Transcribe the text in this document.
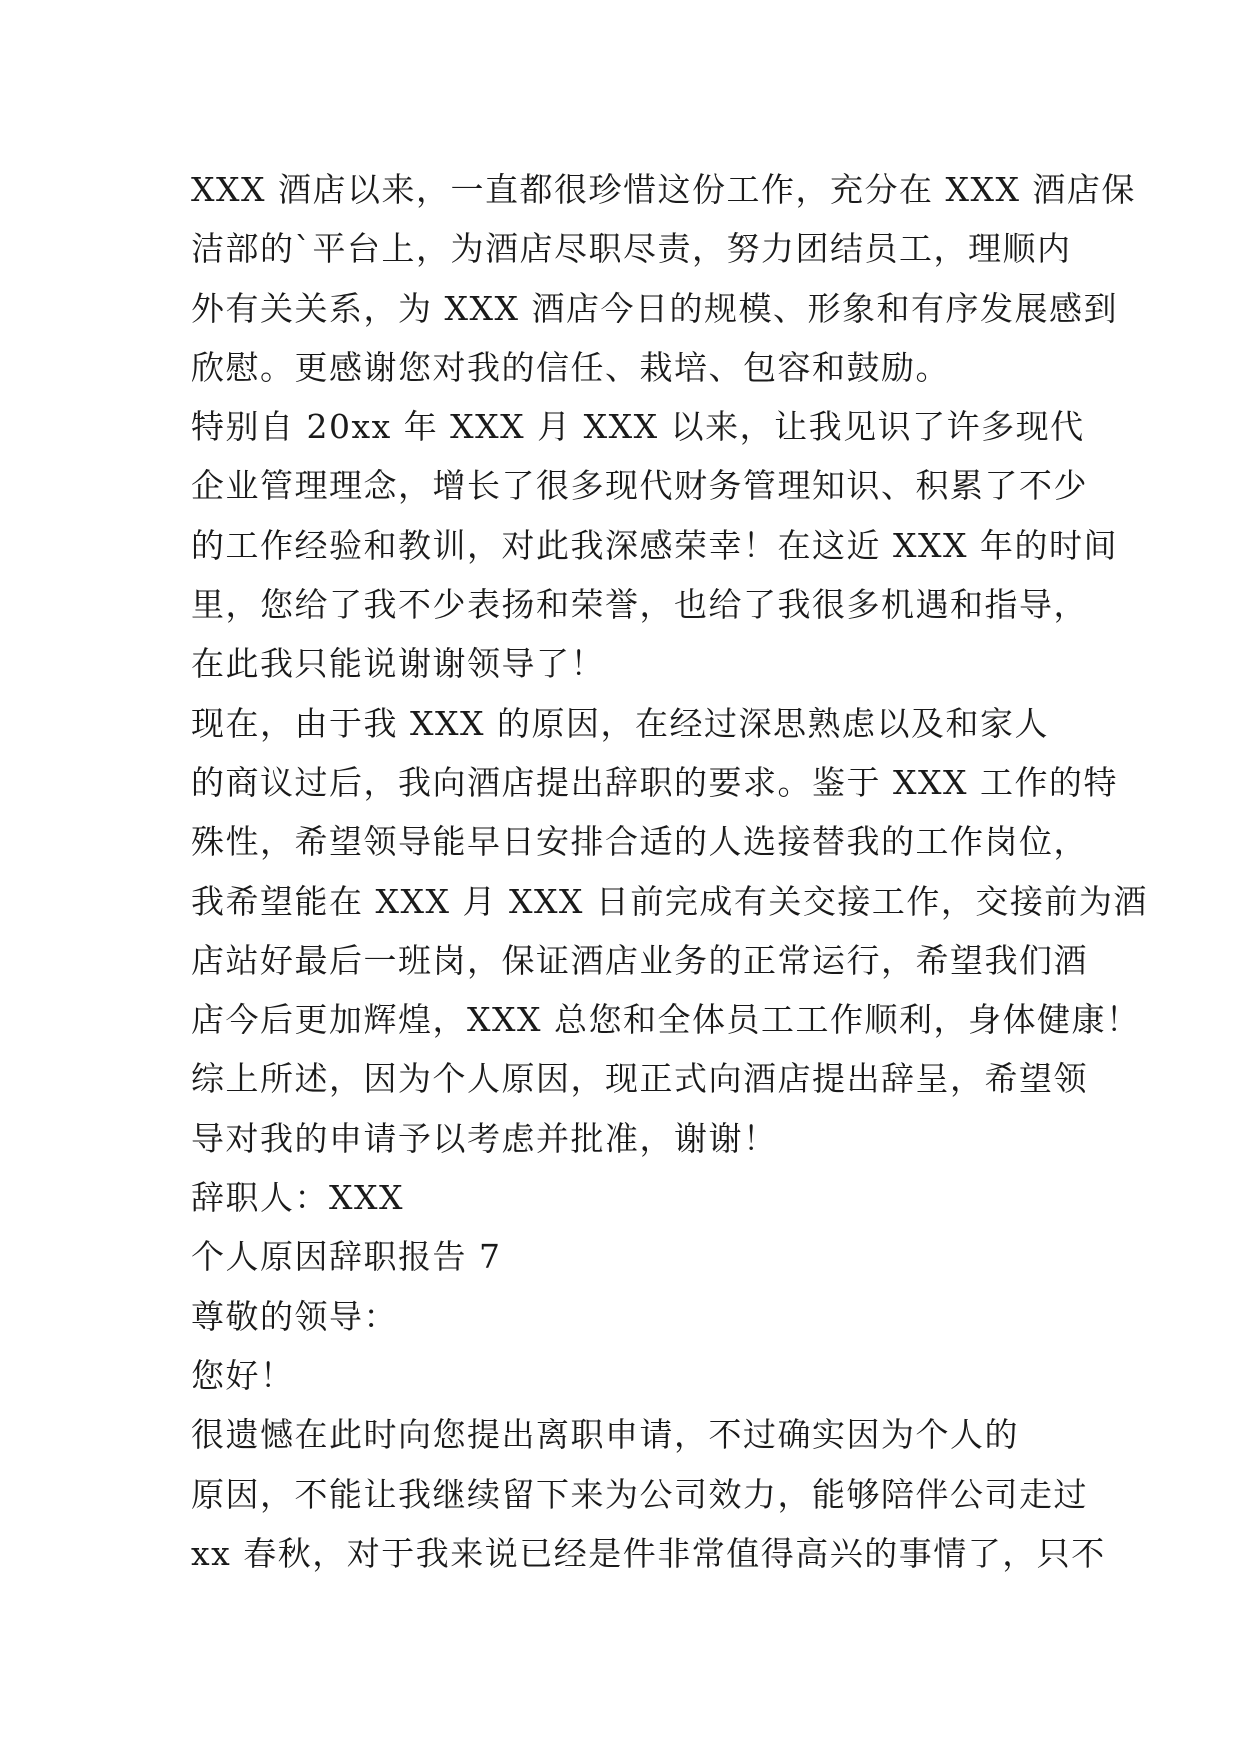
XXX 酒店以来，一直都很珍惜这份工作，充分在 XXX 酒店保
洁部的`平台上，为酒店尽职尽责，努力团结员工，理顺内
外有关关系，为 XXX 酒店今日的规模、形象和有序发展感到
欣慰。更感谢您对我的信任、栽培、包容和鼓励。
特别自 20xx 年 XXX 月 XXX 以来，让我见识了许多现代
企业管理理念，增长了很多现代财务管理知识、积累了不少
的工作经验和教训，对此我深感荣幸！在这近 XXX 年的时间
里，您给了我不少表扬和荣誉，也给了我很多机遇和指导，
在此我只能说谢谢领导了！
现在，由于我 XXX 的原因，在经过深思熟虑以及和家人
的商议过后，我向酒店提出辞职的要求。鉴于 XXX 工作的特
殊性，希望领导能早日安排合适的人选接替我的工作岗位，
我希望能在 XXX 月 XXX 日前完成有关交接工作，交接前为酒
店站好最后一班岗，保证酒店业务的正常运行，希望我们酒
店今后更加辉煌，XXX 总您和全体员工工作顺利，身体健康！
综上所述，因为个人原因，现正式向酒店提出辞呈，希望领
导对我的申请予以考虑并批准，谢谢！
辞职人：XXX
个人原因辞职报告 7
尊敬的领导：
您好！
很遗憾在此时向您提出离职申请，不过确实因为个人的
原因，不能让我继续留下来为公司效力，能够陪伴公司走过
xx 春秋，对于我来说已经是件非常值得高兴的事情了，只不
